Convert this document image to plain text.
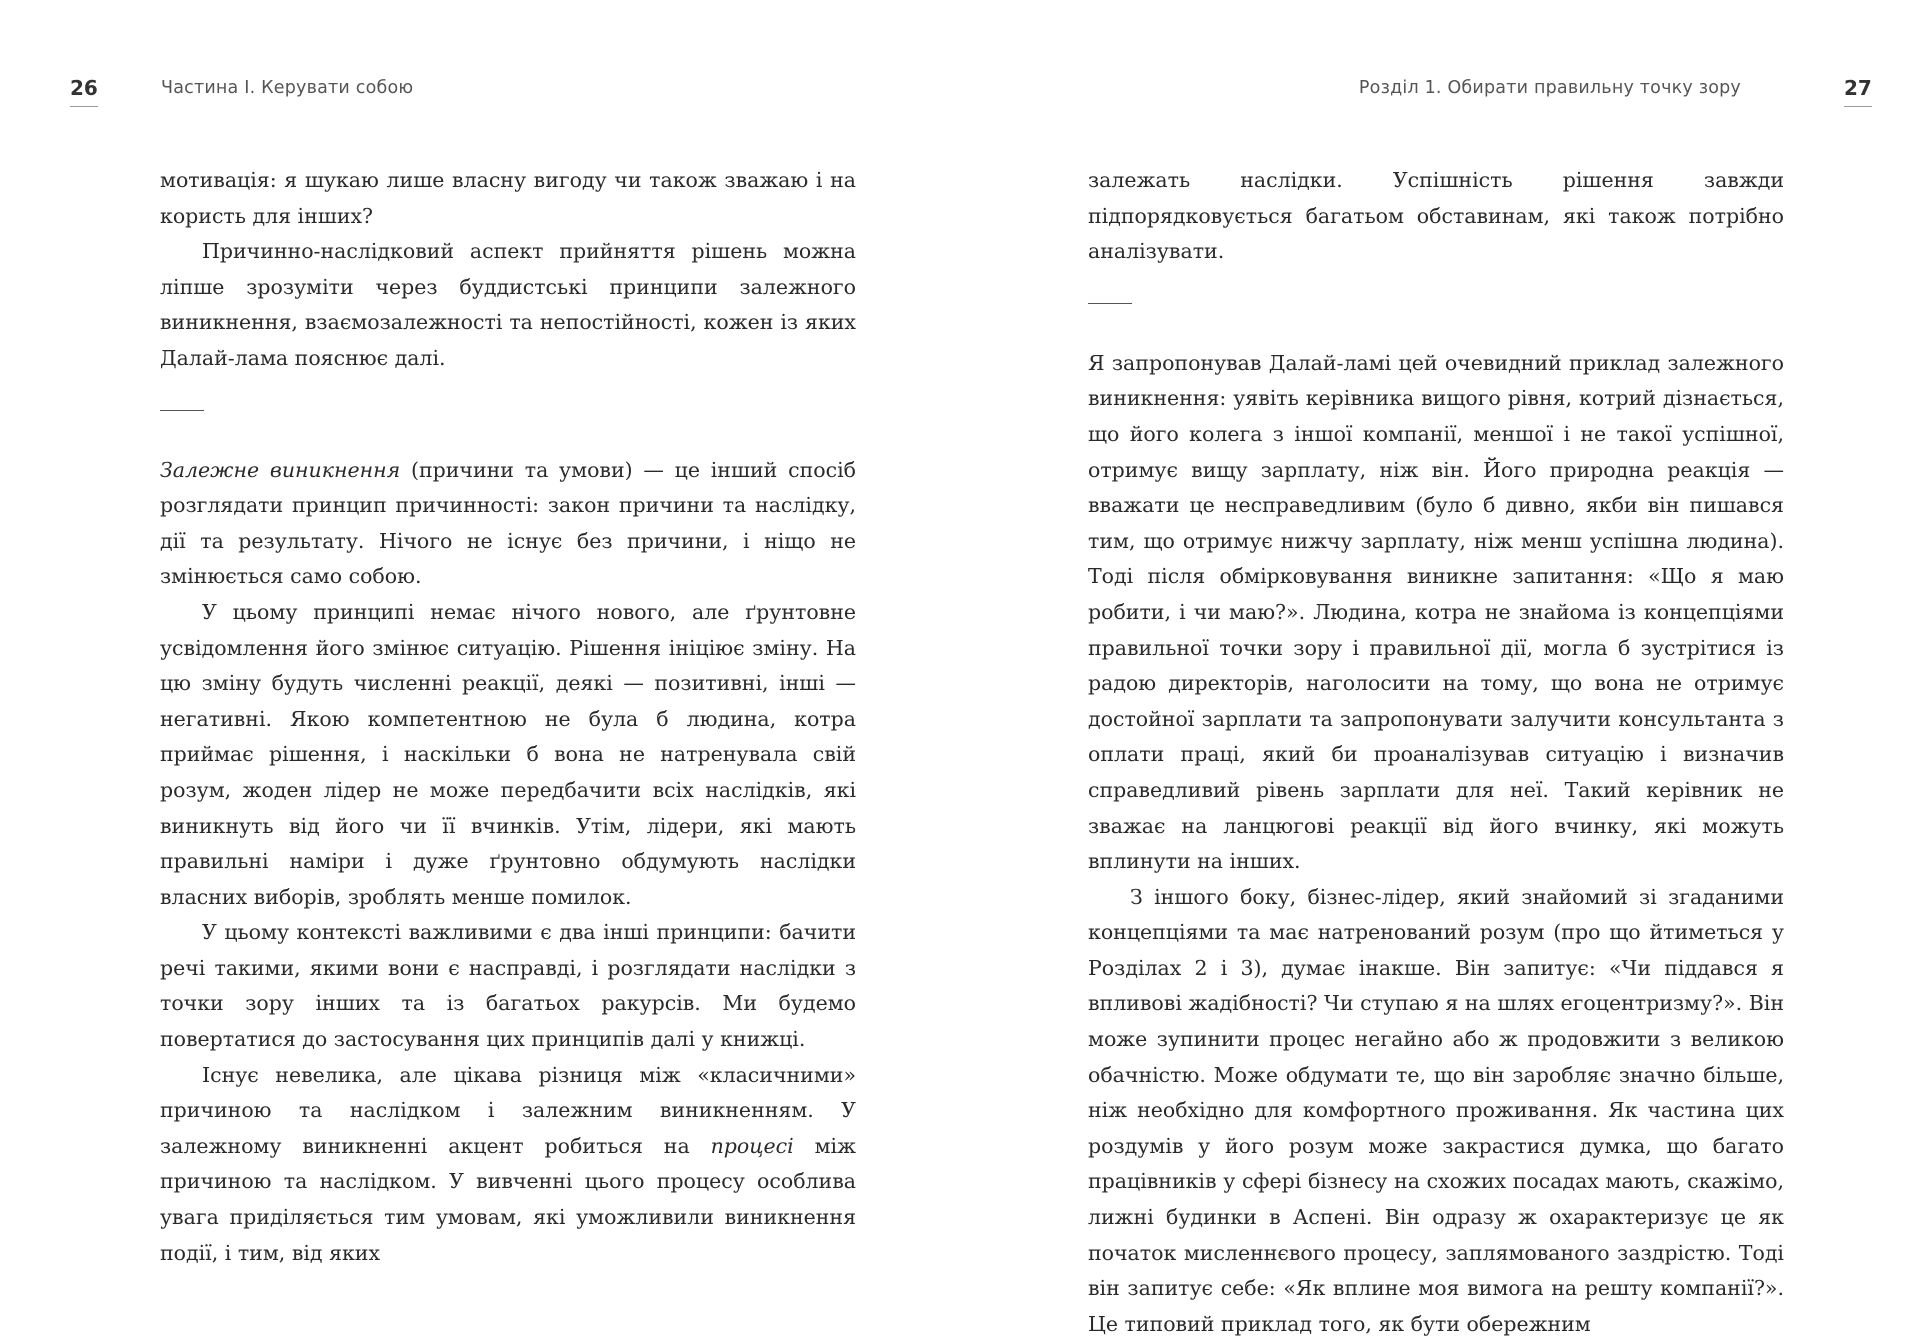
26	Частина I. Керувати собою

мотивація: я шукаю лише власну вигоду чи також зважаю і на користь для інших?

Причинно-наслідковий аспект прийняття рішень можна ліпше зрозуміти через буддистські принципи залежного виникнення, взаємозалежності та непостійності, кожен із яких Далай-лама пояснює далі.

Залежне виникнення (причини та умови) — це інший спосіб розглядати принцип причинності: закон причини та наслідку, дії та результату. Нічого не існує без причини, і ніщо не змінюється само собою.

У цьому принципі немає нічого нового, але ґрунтовне усвідомлення його змінює ситуацію. Рішення ініціює зміну. На цю зміну будуть численні реакції, деякі — позитивні, інші — негативні. Якою компетентною не була б людина, котра приймає рішення, і наскільки б вона не натренувала свій розум, жоден лідер не може передбачити всіх наслідків, які виникнуть від його чи її вчинків. Утім, лідери, які мають правильні наміри і дуже ґрунтовно обдумують наслідки власних виборів, зроблять менше помилок.

У цьому контексті важливими є два інші принципи: бачити речі такими, якими вони є насправді, і розглядати наслідки з точки зору інших та із багатьох ракурсів. Ми будемо повертатися до застосування цих принципів далі у книжці.

Існує невелика, але цікава різниця між «класичними» причиною та наслідком і залежним виникненням. У залежному виникненні акцент робиться на процесі між причиною та наслідком. У вивченні цього процесу особлива увага приділяється тим умовам, які уможливили виникнення події, і тим, від яких

Розділ 1. Обирати правильну точку зору	27

залежать наслідки. Успішність рішення завжди підпорядковується багатьом обставинам, які також потрібно аналізувати.

Я запропонував Далай-ламі цей очевидний приклад залежного виникнення: уявіть керівника вищого рівня, котрий дізнається, що його колега з іншої компанії, меншої і не такої успішної, отримує вищу зарплату, ніж він. Його природна реакція — вважати це несправедливим (було б дивно, якби він пишався тим, що отримує нижчу зарплату, ніж менш успішна людина). Тоді після обмірковування виникне запитання: «Що я маю робити, і чи маю?». Людина, котра не знайома із концепціями правильної точки зору і правильної дії, могла б зустрітися із радою директорів, наголосити на тому, що вона не отримує достойної зарплати та запропонувати залучити консультанта з оплати праці, який би проаналізував ситуацію і визначив справедливий рівень зарплати для неї. Такий керівник не зважає на ланцюгові реакції від його вчинку, які можуть вплинути на інших.

З іншого боку, бізнес-лідер, який знайомий зі згаданими концепціями та має натренований розум (про що йтиметься у Розділах 2 і 3), думає інакше. Він запитує: «Чи піддався я впливові жадібності? Чи ступаю я на шлях егоцентризму?». Він може зупинити процес негайно або ж продовжити з великою обачністю. Може обдумати те, що він заробляє значно більше, ніж необхідно для комфортного проживання. Як частина цих роздумів у його розум може закрастися думка, що багато працівників у сфері бізнесу на схожих посадах мають, скажімо, лижні будинки в Аспені. Він одразу ж охарактеризує це як початок мисленнєвого процесу, заплямованого заздрістю. Тоді він запитує себе: «Як вплине моя вимога на решту компанії?». Це типовий приклад того, як бути обережним
